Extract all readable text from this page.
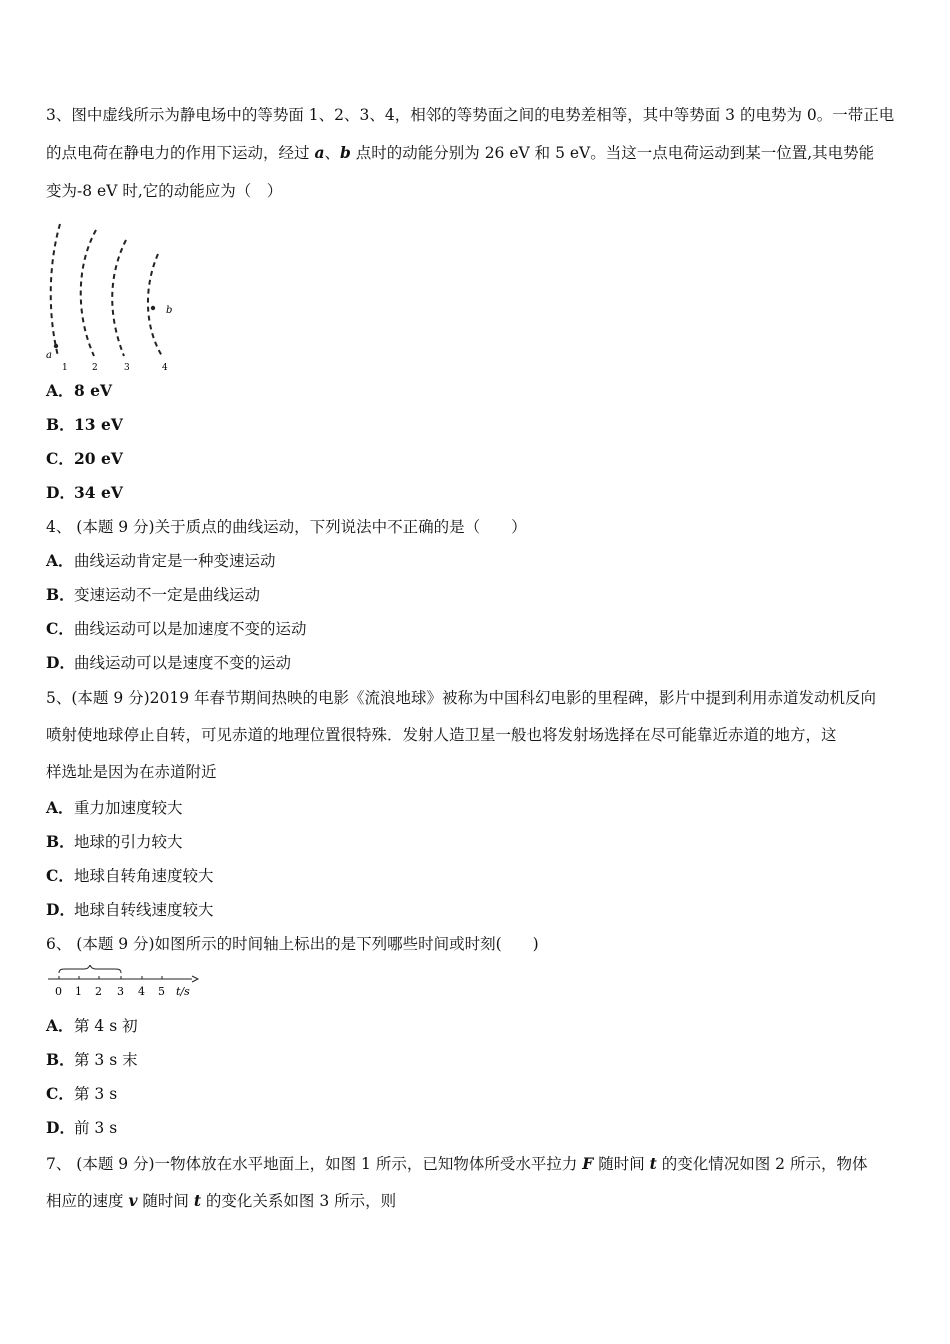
3、图中虚线所示为静电场中的等势面 1、2、3、4，相邻的等势面之间的电势差相等，其中等势面 3 的电势为 0。一带正电
的点电荷在静电力的作用下运动，经过 a、b 点时的动能分别为 26 eV 和 5 eV。当这一点电荷运动到某一位置,其电势能
变为-8 eV 时,它的动能应为（　）
a
b
1	2	3	4
A．8 eV
B．13 eV
C．20 eV
D．34 eV
4、 (本题 9 分)关于质点的曲线运动，下列说法中不正确的是（　　）
A．曲线运动肯定是一种变速运动
B．变速运动不一定是曲线运动
C．曲线运动可以是加速度不变的运动
D．曲线运动可以是速度不变的运动
5、(本题 9 分)2019 年春节期间热映的电影《流浪地球》被称为中国科幻电影的里程碑，影片中提到利用赤道发动机反向
喷射使地球停止自转，可见赤道的地理位置很特殊．发射人造卫星一般也将发射场选择在尽可能靠近赤道的地方，这
样选址是因为在赤道附近
A．重力加速度较大
B．地球的引力较大
C．地球自转角速度较大
D．地球自转线速度较大
6、 (本题 9 分)如图所示的时间轴上标出的是下列哪些时间或时刻(　　)
0 1 2 3 4 5 t/s
A．第 4 s 初
B．第 3 s 末
C．第 3 s
D．前 3 s
7、 (本题 9 分)一物体放在水平地面上，如图 1 所示，已知物体所受水平拉力 F 随时间 t 的变化情况如图 2 所示，物体
相应的速度 v 随时间 t 的变化关系如图 3 所示，则
